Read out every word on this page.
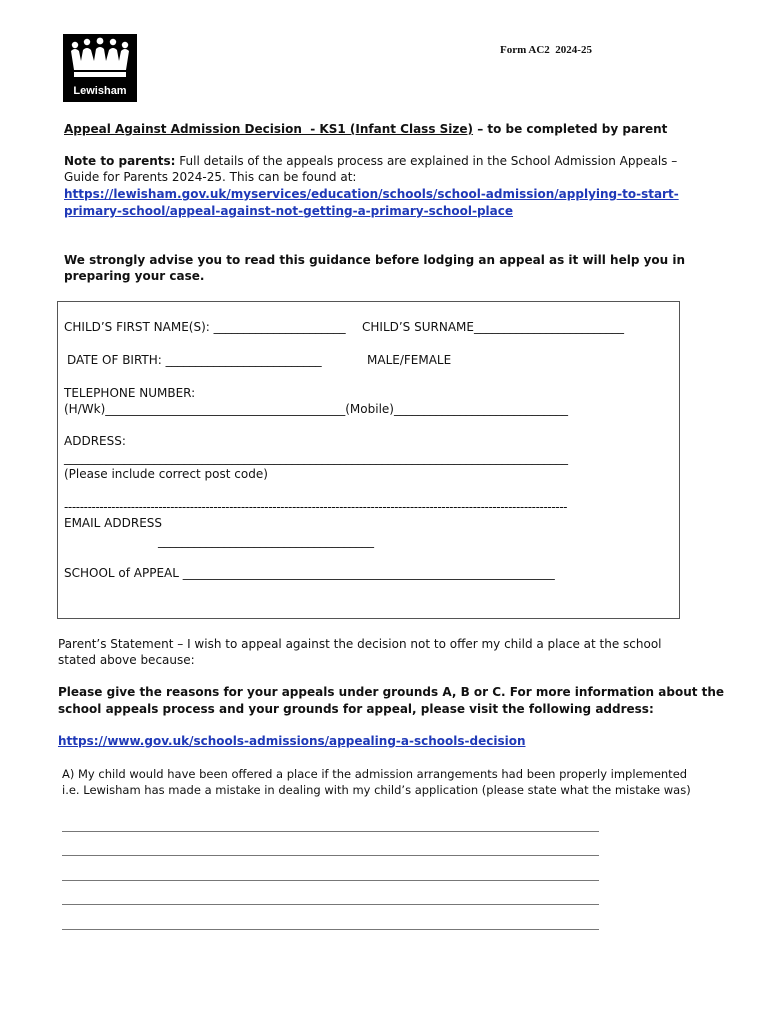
Lewisham
Form AC2  2024-25
Appeal Against Admission Decision  - KS1 (Infant Class Size) – to be completed by parent
Note to parents: Full details of the appeals process are explained in the School Admission Appeals –
Guide for Parents 2024-25. This can be found at:
https://lewisham.gov.uk/myservices/education/schools/school-admission/applying-to-start-
primary-school/appeal-against-not-getting-a-primary-school-place
We strongly advise you to read this guidance before lodging an appeal as it will help you in
preparing your case.
CHILD’S FIRST NAME(S): ______________________ CHILD’S SURNAME_________________________
DATE OF BIRTH: __________________________	MALE/FEMALE
TELEPHONE NUMBER:
(H/Wk)________________________________________(Mobile)_____________________________
ADDRESS:
____________________________________________________________________________________
(Please include correct post code)
--------------------------------------------------------------------------------------------------------------------------------
EMAIL ADDRESS
____________________________________
SCHOOL of APPEAL ______________________________________________________________
Parent’s Statement – I wish to appeal against the decision not to offer my child a place at the school
stated above because:
Please give the reasons for your appeals under grounds A, B or C. For more information about the
school appeals process and your grounds for appeal, please visit the following address:
https://www.gov.uk/schools-admissions/appealing-a-schools-decision
A) My child would have been offered a place if the admission arrangements had been properly implemented
i.e. Lewisham has made a mistake in dealing with my child’s application (please state what the mistake was)
